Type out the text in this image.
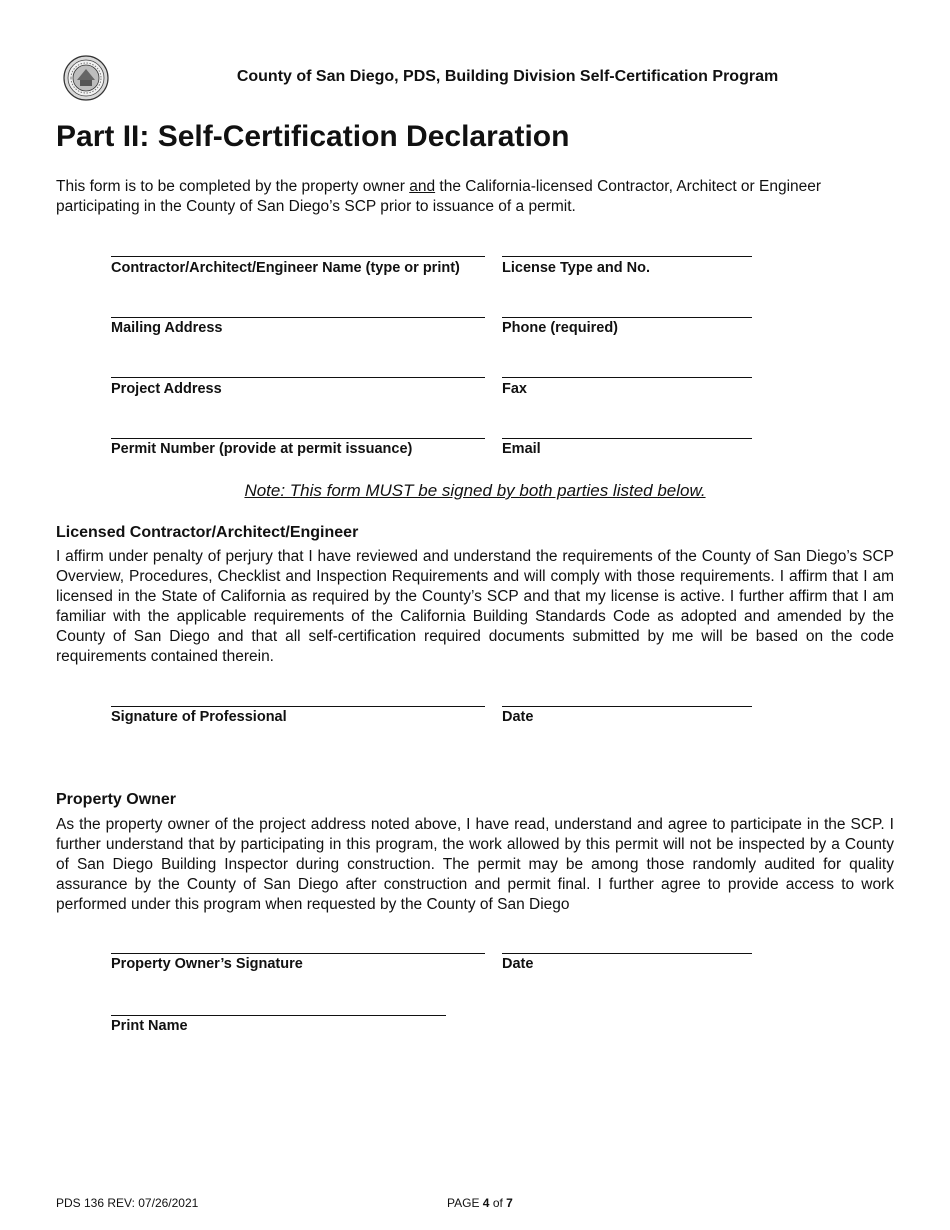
County of San Diego, PDS, Building Division Self-Certification Program
Part II: Self-Certification Declaration
This form is to be completed by the property owner and the California-licensed Contractor, Architect or Engineer participating in the County of San Diego’s SCP prior to issuance of a permit.
Contractor/Architect/Engineer Name (type or print)	License Type and No.
Mailing Address	Phone (required)
Project Address	Fax
Permit Number (provide at permit issuance)	Email
Note: This form MUST be signed by both parties listed below.
Licensed Contractor/Architect/Engineer
I affirm under penalty of perjury that I have reviewed and understand the requirements of the County of San Diego’s SCP Overview, Procedures, Checklist and Inspection Requirements and will comply with those requirements. I affirm that I am licensed in the State of California as required by the County’s SCP and that my license is active. I further affirm that I am familiar with the applicable requirements of the California Building Standards Code as adopted and amended by the County of San Diego and that all self-certification required documents submitted by me will be based on the code requirements contained therein.
Signature of Professional	Date
Property Owner
As the property owner of the project address noted above, I have read, understand and agree to participate in the SCP. I further understand that by participating in this program, the work allowed by this permit will not be inspected by a County of San Diego Building Inspector during construction. The permit may be among those randomly audited for quality assurance by the County of San Diego after construction and permit final. I further agree to provide access to work performed under this program when requested by the County of San Diego
Property Owner’s Signature	Date
Print Name
PDS 136 REV: 07/26/2021	PAGE 4 of 7
